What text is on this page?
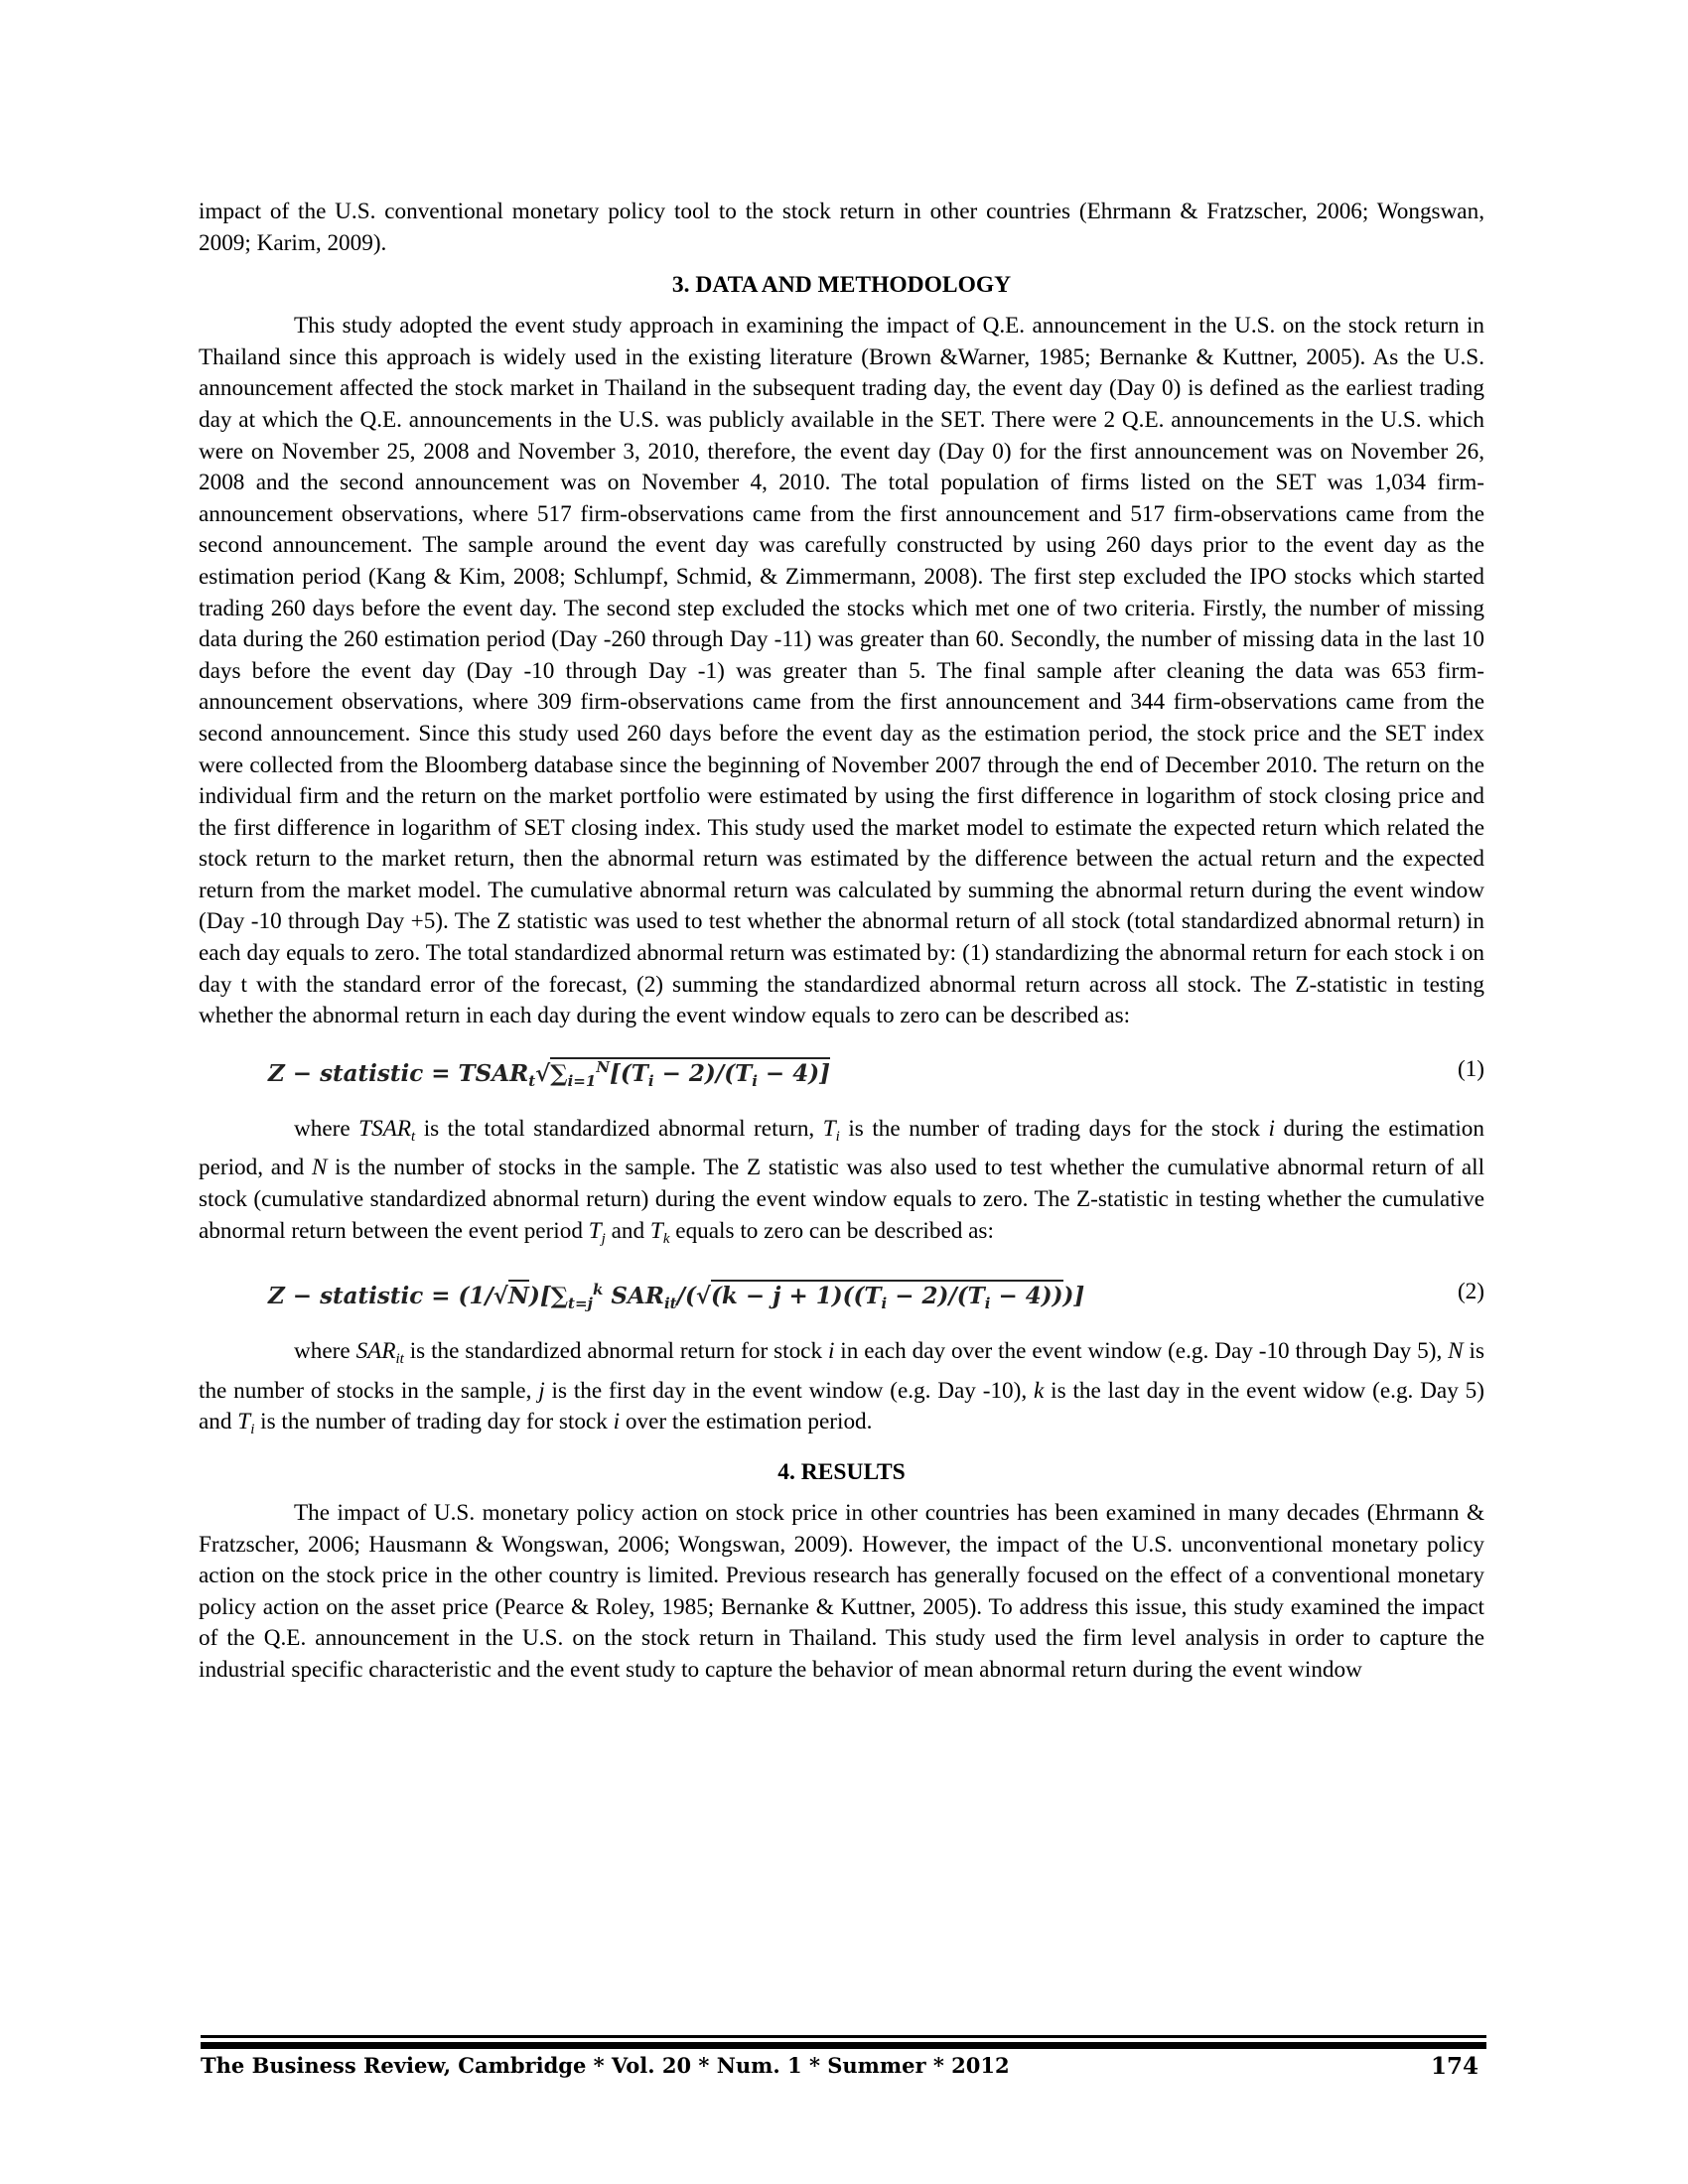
impact of the U.S. conventional monetary policy tool to the stock return in other countries (Ehrmann & Fratzscher, 2006; Wongswan, 2009; Karim, 2009).

3. DATA AND METHODOLOGY

This study adopted the event study approach in examining the impact of Q.E. announcement in the U.S. on the stock return in Thailand since this approach is widely used in the existing literature (Brown &Warner, 1985; Bernanke & Kuttner, 2005). As the U.S. announcement affected the stock market in Thailand in the subsequent trading day, the event day (Day 0) is defined as the earliest trading day at which the Q.E. announcements in the U.S. was publicly available in the SET. There were 2 Q.E. announcements in the U.S. which were on November 25, 2008 and November 3, 2010, therefore, the event day (Day 0) for the first announcement was on November 26, 2008 and the second announcement was on November 4, 2010. The total population of firms listed on the SET was 1,034 firm-announcement observations, where 517 firm-observations came from the first announcement and 517 firm-observations came from the second announcement. The sample around the event day was carefully constructed by using 260 days prior to the event day as the estimation period (Kang & Kim, 2008; Schlumpf, Schmid, & Zimmermann, 2008). The first step excluded the IPO stocks which started trading 260 days before the event day. The second step excluded the stocks which met one of two criteria. Firstly, the number of missing data during the 260 estimation period (Day -260 through Day -11) was greater than 60. Secondly, the number of missing data in the last 10 days before the event day (Day -10 through Day -1) was greater than 5. The final sample after cleaning the data was 653 firm-announcement observations, where 309 firm-observations came from the first announcement and 344 firm-observations came from the second announcement. Since this study used 260 days before the event day as the estimation period, the stock price and the SET index were collected from the Bloomberg database since the beginning of November 2007 through the end of December 2010. The return on the individual firm and the return on the market portfolio were estimated by using the first difference in logarithm of stock closing price and the first difference in logarithm of SET closing index. This study used the market model to estimate the expected return which related the stock return to the market return, then the abnormal return was estimated by the difference between the actual return and the expected return from the market model. The cumulative abnormal return was calculated by summing the abnormal return during the event window (Day -10 through Day +5). The Z statistic was used to test whether the abnormal return of all stock (total standardized abnormal return) in each day equals to zero. The total standardized abnormal return was estimated by: (1) standardizing the abnormal return for each stock i on day t with the standard error of the forecast, (2) summing the standardized abnormal return across all stock. The Z-statistic in testing whether the abnormal return in each day during the event window equals to zero can be described as:

Z − statistic = $TSAR_t√\sum_{i=1}^N[(T_i - 2)/(T_i - 4)]$	(1)

where $TSAR_t$ is the total standardized abnormal return, $T_i$ is the number of trading days for the stock i during the estimation period, and N is the number of stocks in the sample. The Z statistic was also used to test whether the cumulative abnormal return of all stock (cumulative standardized abnormal return) during the event window equals to zero. The Z-statistic in testing whether the cumulative abnormal return between the event period $T_j$ and $T_k$ equals to zero can be described as:

Z − statistic = $(1/√N)[\sum_{t=j}^k$ $SAR_{it}/(√(k - j + 1)((T_i - 2)/(T_i - 4)))$]	(2)

where $SAR_{it}$ is the standardized abnormal return for stock i in each day over the event window (e.g. Day -10 through Day 5), N is the number of stocks in the sample, j is the first day in the event window (e.g. Day -10), k is the last day in the event widow (e.g. Day 5) and $T_i$ is the number of trading day for stock i over the estimation period.

4. RESULTS

The impact of U.S. monetary policy action on stock price in other countries has been examined in many decades (Ehrmann & Fratzscher, 2006; Hausmann & Wongswan, 2006; Wongswan, 2009). However, the impact of the U.S. unconventional monetary policy action on the stock price in the other country is limited. Previous research has generally focused on the effect of a conventional monetary policy action on the asset price (Pearce & Roley, 1985; Bernanke & Kuttner, 2005). To address this issue, this study examined the impact of the Q.E. announcement in the U.S. on the stock return in Thailand. This study used the firm level analysis in order to capture the industrial specific characteristic and the event study to capture the behavior of mean abnormal return during the event window

The Business Review, Cambridge * Vol. 20 * Num. 1 * Summer * 2012	174
